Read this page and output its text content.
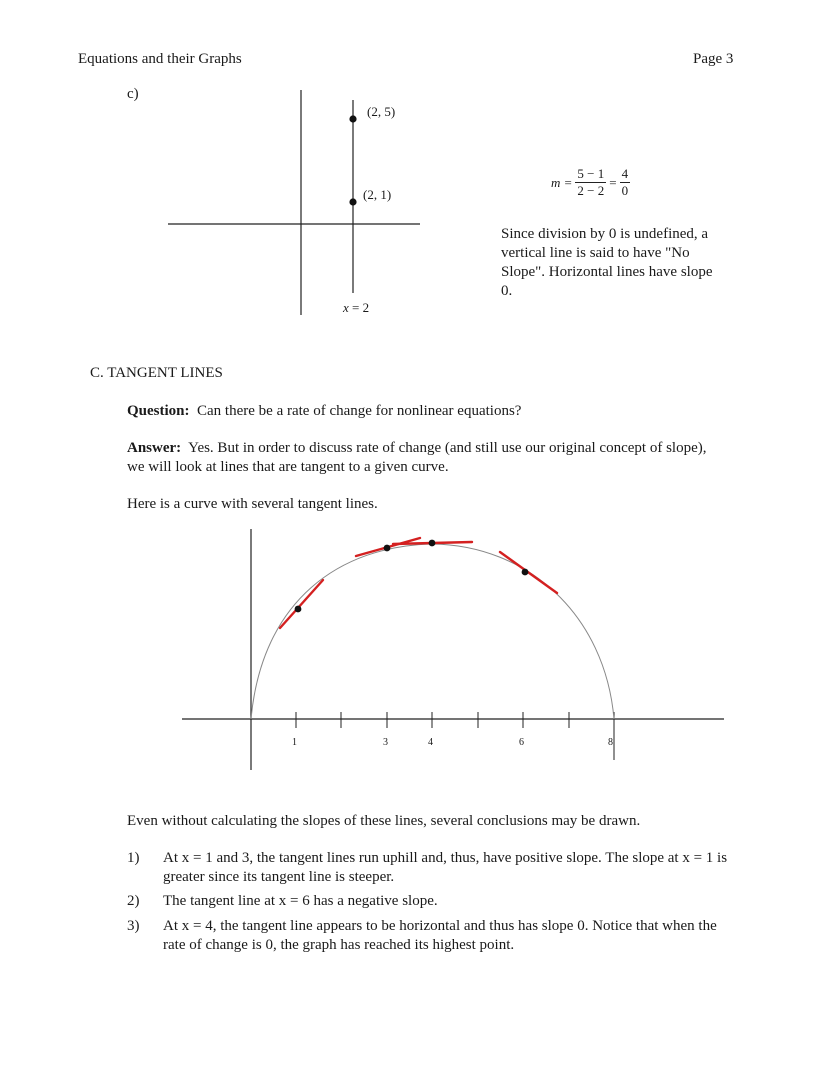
Equations and their Graphs	Page 3
c)
(2, 5)
(2, 1)
x = 2
$m = \frac{5 - 1}{2 - 2} = \frac{4}{0}$
Since division by 0 is undefined, a vertical line is said to have "No Slope". Horizontal lines have slope 0.
C. TANGENT LINES
Question: Can there be a rate of change for nonlinear equations?
Answer: Yes. But in order to discuss rate of change (and still use our original concept of slope), we will look at lines that are tangent to a given curve.
Here is a curve with several tangent lines.
1	3	4	6	8
Even without calculating the slopes of these lines, several conclusions may be drawn.
1) At x = 1 and 3, the tangent lines run uphill and, thus, have positive slope. The slope at x = 1 is greater since its tangent line is steeper.
2) The tangent line at x = 6 has a negative slope.
3) At x = 4, the tangent line appears to be horizontal and thus has slope 0. Notice that when the rate of change is 0, the graph has reached its highest point.
